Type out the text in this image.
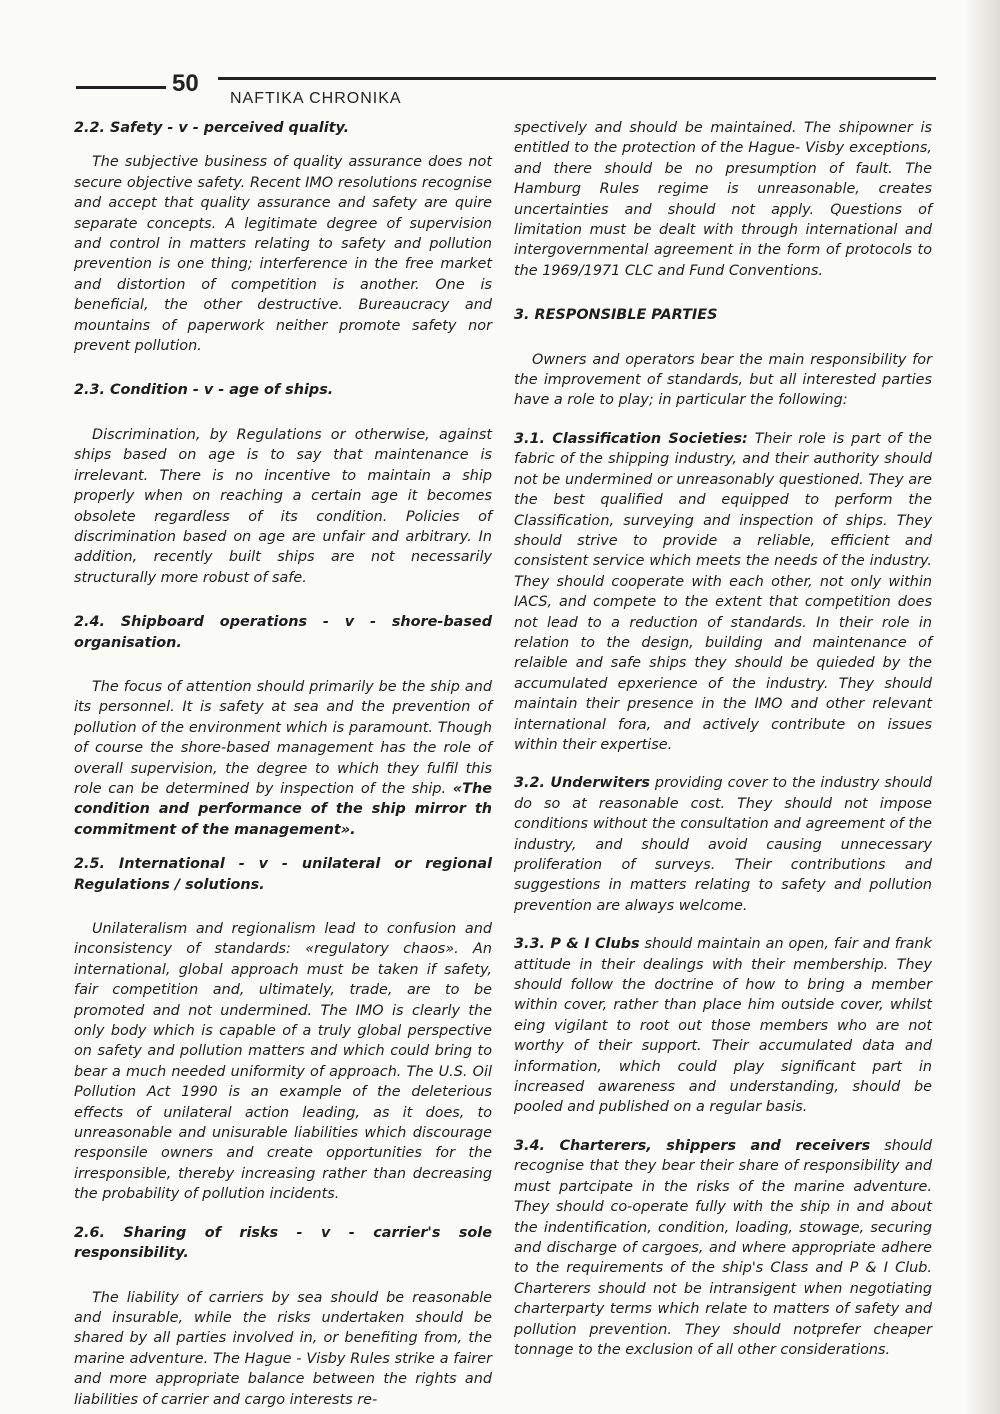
50
NAFTIKA CHRONIKA
2.2. Safety - v - perceived quality.

The subjective business of quality assurance does not secure objective safety. Recent IMO resolutions recognise and accept that quality assurance and safety are quire separate concepts. A legitimate degree of supervision and control in matters relating to safety and pollution prevention is one thing; interference in the free market and distortion of competition is another. One is beneficial, the other destructive. Bureaucracy and mountains of paperwork neither promote safety nor prevent pollution.

2.3. Condition - v - age of ships.

Discrimination, by Regulations or otherwise, against ships based on age is to say that maintenance is irrelevant. There is no incentive to maintain a ship properly when on reaching a certain age it becomes obsolete regardless of its condition. Policies of discrimination based on age are unfair and arbitrary. In addition, recently built ships are not necessarily structurally more robust of safe.

2.4. Shipboard operations - v - shore-based organisation.

The focus of attention should primarily be the ship and its personnel. It is safety at sea and the prevention of pollution of the environment which is paramount. Though of course the shore-based management has the role of overall supervision, the degree to which they fulfil this role can be determined by inspection of the ship. «The condition and performance of the ship mirror th commitment of the management».

2.5. International - v - unilateral or regional Regulations / solutions.

Unilateralism and regionalism lead to confusion and inconsistency of standards: «regulatory chaos». An international, global approach must be taken if safety, fair competition and, ultimately, trade, are to be promoted and not undermined. The IMO is clearly the only body which is capable of a truly global perspective on safety and pollution matters and which could bring to bear a much needed uniformity of approach. The U.S. Oil Pollution Act 1990 is an example of the deleterious effects of unilateral action leading, as it does, to unreasonable and unisurable liabilities which discourage responsile owners and create opportunities for the irresponsible, thereby increasing rather than decreasing the probability of pollution incidents.

2.6. Sharing of risks - v - carrier's sole responsibility.

The liability of carriers by sea should be reasonable and insurable, while the risks undertaken should be shared by all parties involved in, or benefiting from, the marine adventure. The Hague - Visby Rules strike a fairer and more appropriate balance between the rights and liabilities of carrier and cargo interests re-

spectively and should be maintained. The shipowner is entitled to the protection of the Hague- Visby exceptions, and there should be no presumption of fault. The Hamburg Rules regime is unreasonable, creates uncertainties and should not apply. Questions of limitation must be dealt with through international and intergovernmental agreement in the form of protocols to the 1969/1971 CLC and Fund Conventions.

3. RESPONSIBLE PARTIES

Owners and operators bear the main responsibility for the improvement of standards, but all interested parties have a role to play; in particular the following:

3.1. Classification Societies: Their role is part of the fabric of the shipping industry, and their authority should not be undermined or unreasonably questioned. They are the best qualified and equipped to perform the Classification, surveying and inspection of ships. They should strive to provide a reliable, efficient and consistent service which meets the needs of the industry. They should cooperate with each other, not only within IACS, and compete to the extent that competition does not lead to a reduction of standards. In their role in relation to the design, building and maintenance of relaible and safe ships they should be quieded by the accumulated epxerience of the industry. They should maintain their presence in the IMO and other relevant international fora, and actively contribute on issues within their expertise.

3.2. Underwiters providing cover to the industry should do so at reasonable cost. They should not impose conditions without the consultation and agreement of the industry, and should avoid causing unnecessary proliferation of surveys. Their contributions and suggestions in matters relating to safety and pollution prevention are always welcome.

3.3. P & I Clubs should maintain an open, fair and frank attitude in their dealings with their membership. They should follow the doctrine of how to bring a member within cover, rather than place him outside cover, whilst eing vigilant to root out those members who are not worthy of their support. Their accumulated data and information, which could play significant part in increased awareness and understanding, should be pooled and published on a regular basis.

3.4. Charterers, shippers and receivers should recognise that they bear their share of responsibility and must partcipate in the risks of the marine adventure. They should co-operate fully with the ship in and about the indentification, condition, loading, stowage, securing and discharge of cargoes, and where appropriate adhere to the requirements of the ship's Class and P & I Club. Charterers should not be intransigent when negotiating charterparty terms which relate to matters of safety and pollution prevention. They should notprefer cheaper tonnage to the exclusion of all other considerations.
